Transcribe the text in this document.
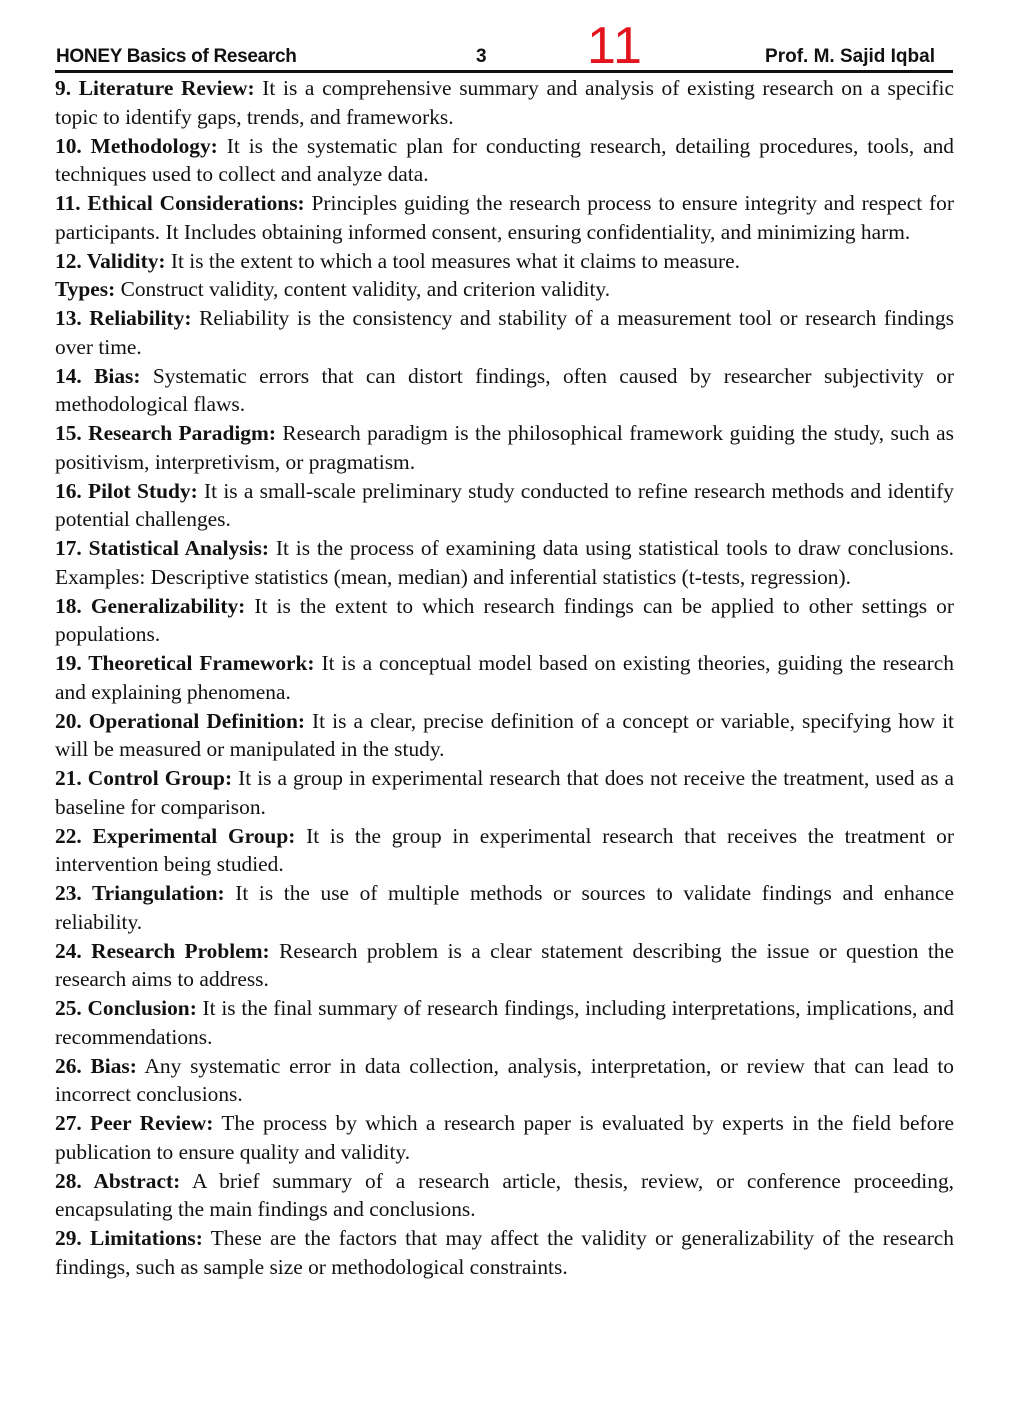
HONEY Basics of Research	3 11	Prof. M. Sajid Iqbal

9. Literature Review: It is a comprehensive summary and analysis of existing research on a specific topic to identify gaps, trends, and frameworks.

10. Methodology: It is the systematic plan for conducting research, detailing procedures, tools, and techniques used to collect and analyze data.

11. Ethical Considerations: Principles guiding the research process to ensure integrity and respect for participants. It Includes obtaining informed consent, ensuring confidentiality, and minimizing harm.

12. Validity: It is the extent to which a tool measures what it claims to measure.

Types: Construct validity, content validity, and criterion validity.

13. Reliability: Reliability is the consistency and stability of a measurement tool or research findings over time.

14. Bias: Systematic errors that can distort findings, often caused by researcher subjectivity or methodological flaws.

15. Research Paradigm: Research paradigm is the philosophical framework guiding the study, such as positivism, interpretivism, or pragmatism.

16. Pilot Study: It is a small-scale preliminary study conducted to refine research methods and identify potential challenges.

17. Statistical Analysis: It is the process of examining data using statistical tools to draw conclusions. Examples: Descriptive statistics (mean, median) and inferential statistics (t-tests, regression).

18. Generalizability: It is the extent to which research findings can be applied to other settings or populations.

19. Theoretical Framework: It is a conceptual model based on existing theories, guiding the research and explaining phenomena.

20. Operational Definition: It is a clear, precise definition of a concept or variable, specifying how it will be measured or manipulated in the study.

21. Control Group: It is a group in experimental research that does not receive the treatment, used as a baseline for comparison.

22. Experimental Group: It is the group in experimental research that receives the treatment or intervention being studied.

23. Triangulation: It is the use of multiple methods or sources to validate findings and enhance reliability.

24. Research Problem: Research problem is a clear statement describing the issue or question the research aims to address.

25. Conclusion: It is the final summary of research findings, including interpretations, implications, and recommendations.

26. Bias: Any systematic error in data collection, analysis, interpretation, or review that can lead to incorrect conclusions.

27. Peer Review: The process by which a research paper is evaluated by experts in the field before publication to ensure quality and validity.

28. Abstract: A brief summary of a research article, thesis, review, or conference proceeding, encapsulating the main findings and conclusions.

29. Limitations: These are the factors that may affect the validity or generalizability of the research findings, such as sample size or methodological constraints.
